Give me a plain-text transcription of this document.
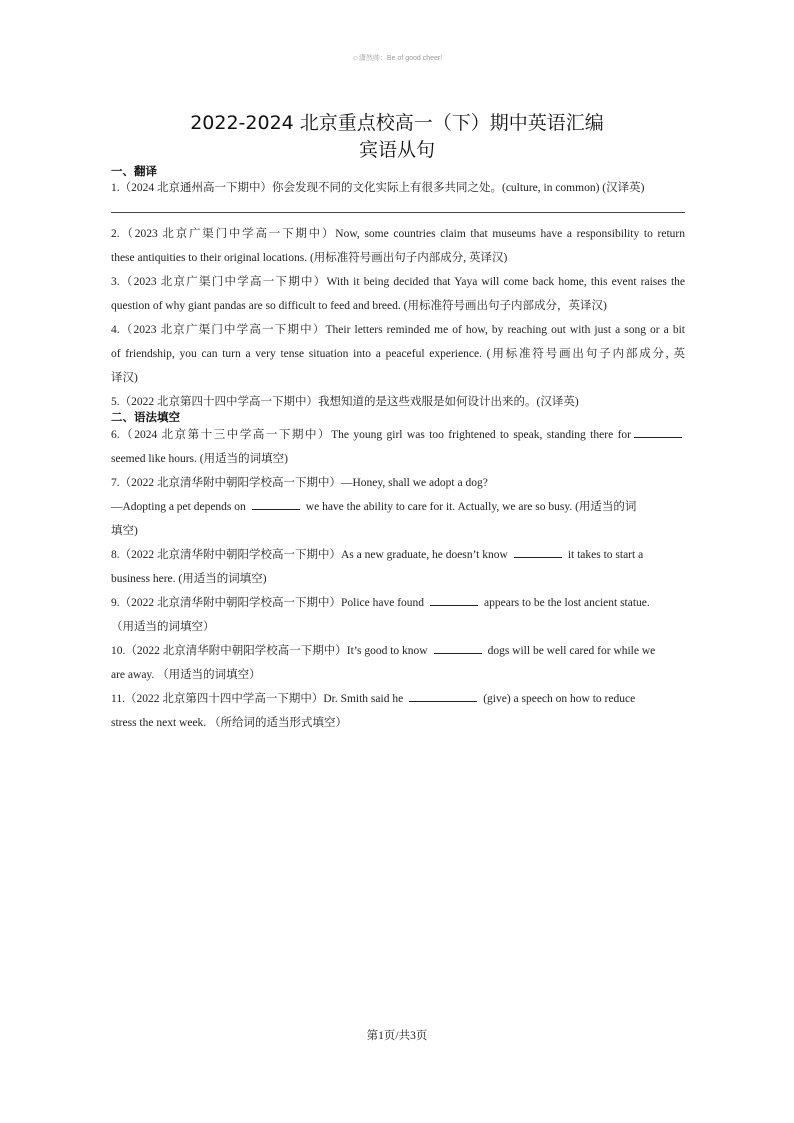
☺潇然帅：Be of good cheer!
2022-2024 北京重点校高一（下）期中英语汇编
宾语从句
一、翻译
1.（2024 北京通州高一下期中）你会发现不同的文化实际上有很多共同之处。(culture, in common) (汉译英)
2.（2023 北京广渠门中学高一下期中）Now, some countries claim that museums have a responsibility to return
these antiquities to their original locations. (用标准符号画出句子内部成分, 英译汉)
3.（2023 北京广渠门中学高一下期中）With it being decided that Yaya will come back home, this event raises the
question of why giant pandas are so difficult to feed and breed. (用标准符号画出句子内部成分，英译汉)
4.（2023 北京广渠门中学高一下期中）Their letters reminded me of how, by reaching out with just a song or a bit
of friendship, you can turn a very tense situation into a peaceful experience. (用标准符号画出句子内部成分, 英
译汉)
5.（2022 北京第四十四中学高一下期中）我想知道的是这些戏服是如何设计出来的。(汉译英)
二、语法填空
6.（2024 北京第十三中学高一下期中）The young girl was too frightened to speak, standing there for
seemed like hours. (用适当的词填空)
7.（2022 北京清华附中朝阳学校高一下期中）—Honey, shall we adopt a dog?
—Adopting a pet depends on	we have the ability to care for it. Actually, we are so busy. (用适当的词
填空)
8.（2022 北京清华附中朝阳学校高一下期中）As a new graduate, he doesn’t know	it takes to start a
business here. (用适当的词填空)
9.（2022 北京清华附中朝阳学校高一下期中）Police have found	appears to be the lost ancient statue.
（用适当的词填空）
10.（2022 北京清华附中朝阳学校高一下期中）It’s good to know	dogs will be well cared for while we
are away. （用适当的词填空）
11.（2022 北京第四十四中学高一下期中）Dr. Smith said he	(give) a speech on how to reduce
stress the next week. （所给词的适当形式填空）
第1页/共3页
